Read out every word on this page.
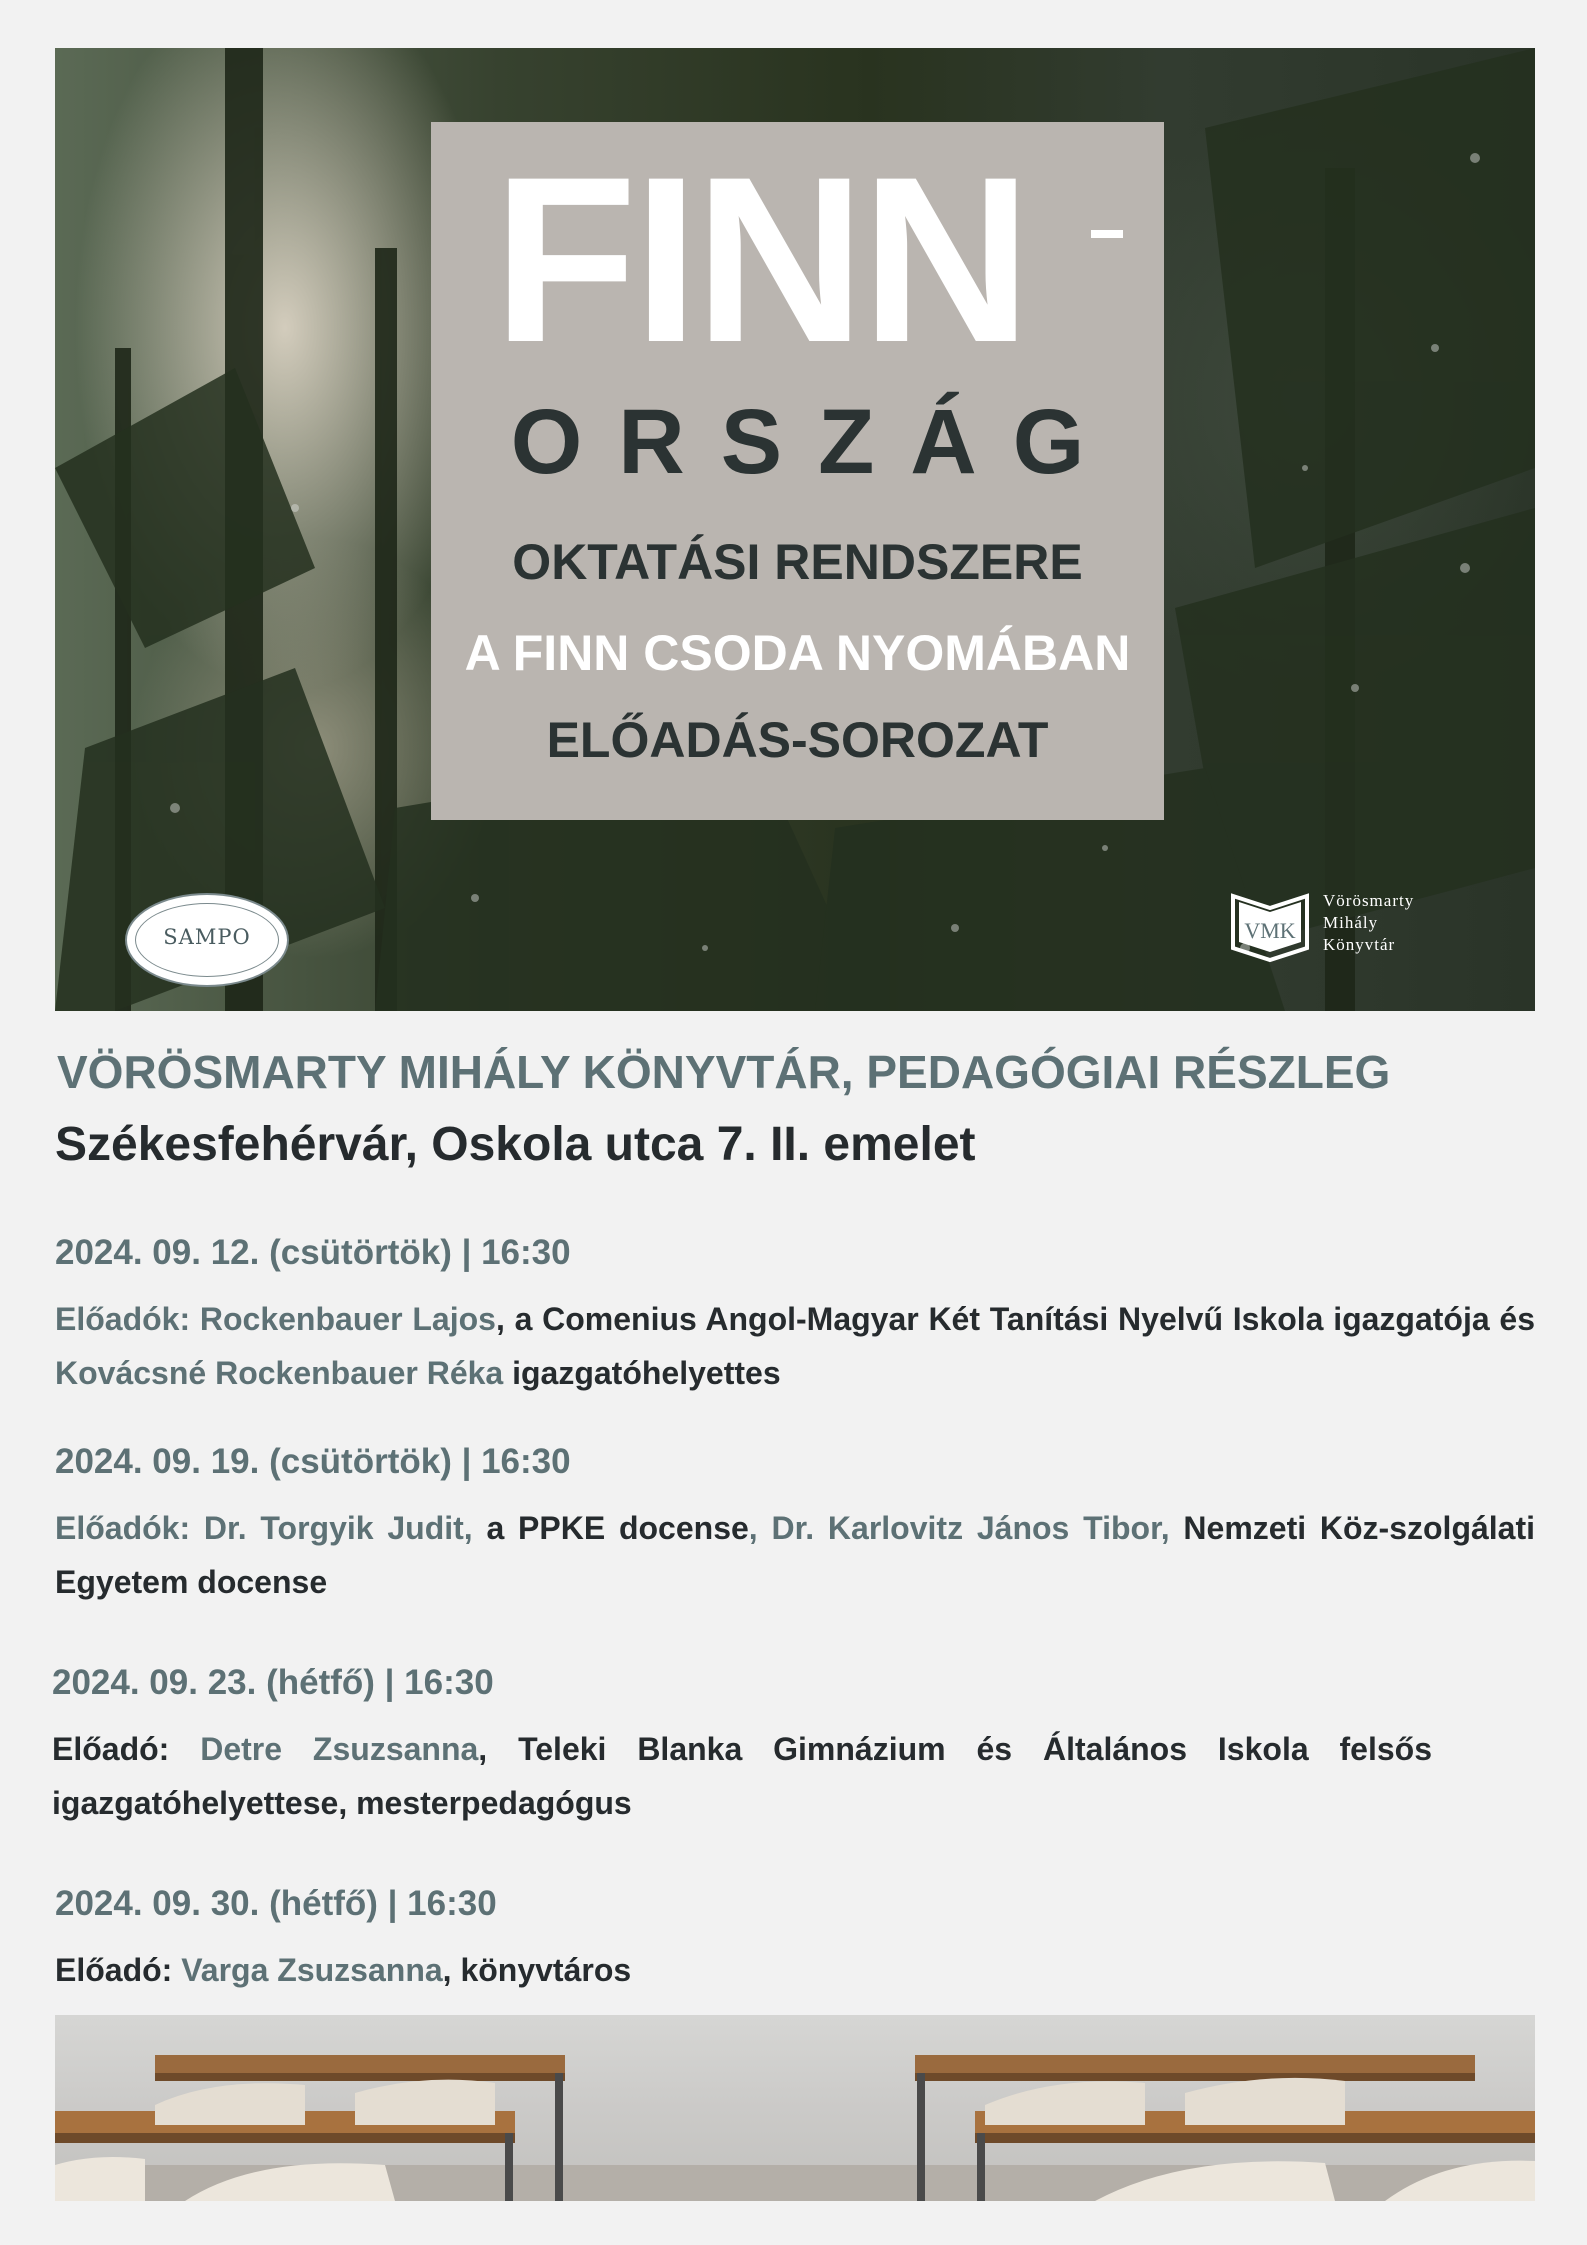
FINN
ORSZÁG
OKTATÁSI RENDSZERE
A FINN CSODA NYOMÁBAN
ELŐADÁS-SOROZAT
SAMPO	VMK
Vörösmarty
Mihály
Könyvtár
VÖRÖSMARTY MIHÁLY KÖNYVTÁR, PEDAGÓGIAI RÉSZLEG
Székesfehérvár, Oskola utca 7. II. emelet
2024. 09. 12. (csütörtök) | 16:30
Előadók: Rockenbauer Lajos, a Comenius Angol-Magyar Két Tanítási Nyelvű Iskola igazgatója és Kovácsné Rockenbauer Réka igazgatóhelyettes
2024. 09. 19. (csütörtök) | 16:30
Előadók: Dr. Torgyik Judit, a PPKE docense, Dr. Karlovitz János Tibor, Nemzeti Köz-szolgálati Egyetem docense
2024. 09. 23. (hétfő) | 16:30
Előadó: Detre Zsuzsanna, Teleki Blanka Gimnázium és Általános Iskola felsős igazgatóhelyettese, mesterpedagógus
2024. 09. 30. (hétfő) | 16:30
Előadó: Varga Zsuzsanna, könyvtáros
